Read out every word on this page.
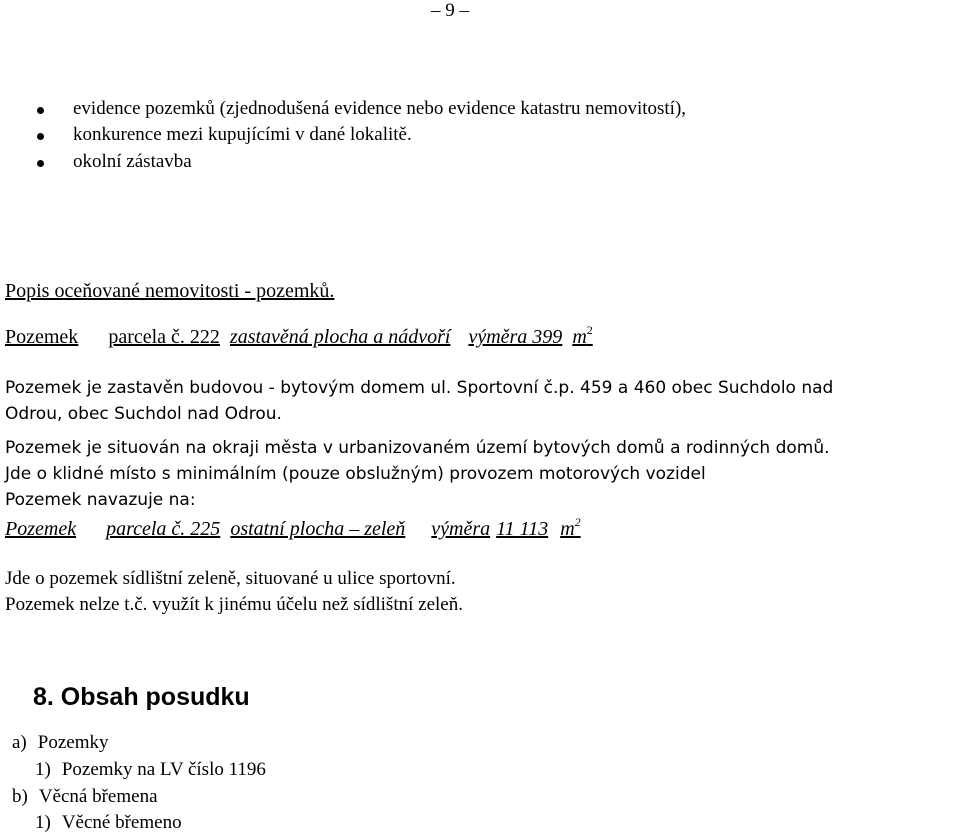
– 9 –
evidence pozemků (zjednodušená evidence nebo evidence katastru nemovitostí),
konkurence mezi kupujícími v dané lokalitě.
okolní zástavba
Popis oceňované nemovitosti - pozemků.
Pozemek parcela č. 222 zastavěná plocha a nádvoří výměra 399 $m^2$
Pozemek je zastavěn budovou - bytovým domem ul. Sportovní č.p. 459 a 460 obec Suchdolo nad
Odrou, obec Suchdol nad Odrou.
Pozemek je situován na okraji města v urbanizovaném území bytových domů a rodinných domů.
Jde o klidné místo s minimálním (pouze obslužným) provozem motorových vozidel
Pozemek navazuje na:
Pozemek parcela č. 225 ostatní plocha – zeleň výměra 11 113 $m^2$
Jde o pozemek sídlištní zeleně, situované u ulice sportovní.
Pozemek nelze t.č. využít k jinému účelu než sídlištní zeleň.
8. Obsah posudku
a) Pozemky
1) Pozemky na LV číslo 1196
b) Věcná břemena
1) Věcné břemeno
